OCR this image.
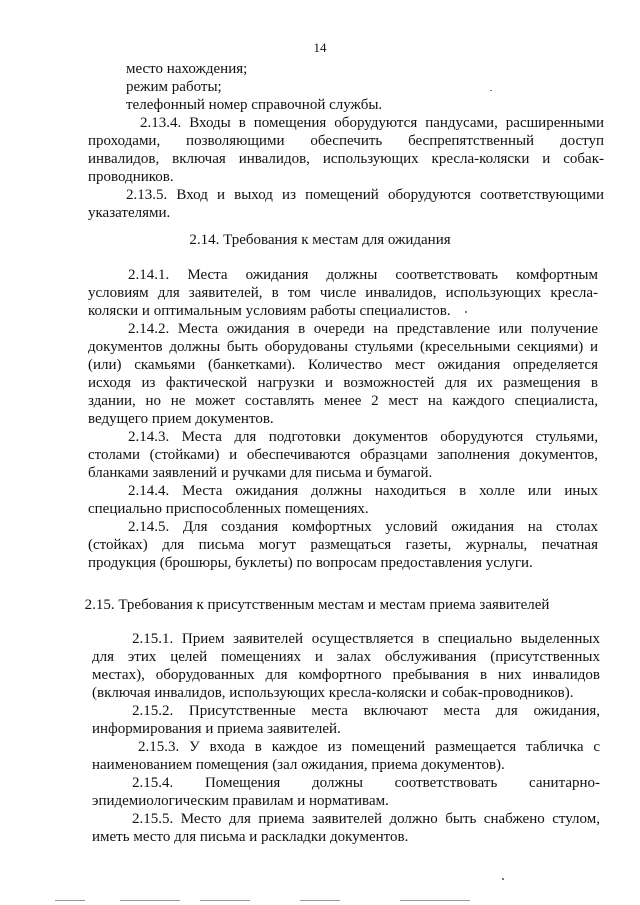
14
место нахождения;
режим работы;
телефонный номер справочной службы.
2.13.4. Входы в помещения оборудуются пандусами, расширенными
проходами, позволяющими обеспечить беспрепятственный доступ
инвалидов, включая инвалидов, использующих кресла-коляски и собак-
проводников.
2.13.5. Вход и выход из помещений оборудуются соответствующими
указателями.
2.14. Требования к местам для ожидания
2.14.1. Места ожидания должны соответствовать комфортным
условиям для заявителей, в том числе инвалидов, использующих кресла-
коляски и оптимальным условиям работы специалистов.
2.14.2. Места ожидания в очереди на представление или получение
документов должны быть оборудованы стульями (кресельными секциями) и
(или) скамьями (банкетками). Количество мест ожидания определяется
исходя из фактической нагрузки и возможностей для их размещения в
здании, но не может составлять менее 2 мест на каждого специалиста,
ведущего прием документов.
2.14.3. Места для подготовки документов оборудуются стульями,
столами (стойками) и обеспечиваются образцами заполнения документов,
бланками заявлений и ручками для письма и бумагой.
2.14.4. Места ожидания должны находиться в холле или иных
специально приспособленных помещениях.
2.14.5. Для создания комфортных условий ожидания на столах
(стойках) для письма могут размещаться газеты, журналы, печатная
продукция (брошюры, буклеты) по вопросам предоставления услуги.
2.15. Требования к присутственным местам и местам приема заявителей
2.15.1. Прием заявителей осуществляется в специально выделенных
для этих целей помещениях и залах обслуживания (присутственных
местах), оборудованных для комфортного пребывания в них инвалидов
(включая инвалидов, использующих кресла-коляски и собак-проводников).
2.15.2. Присутственные места включают места для ожидания,
информирования и приема заявителей.
2.15.3. У входа в каждое из помещений размещается табличка с
наименованием помещения (зал ожидания, приема документов).
2.15.4. Помещения должны соответствовать санитарно-
эпидемиологическим правилам и нормативам.
2.15.5. Место для приема заявителей должно быть снабжено стулом,
иметь место для письма и раскладки документов.
